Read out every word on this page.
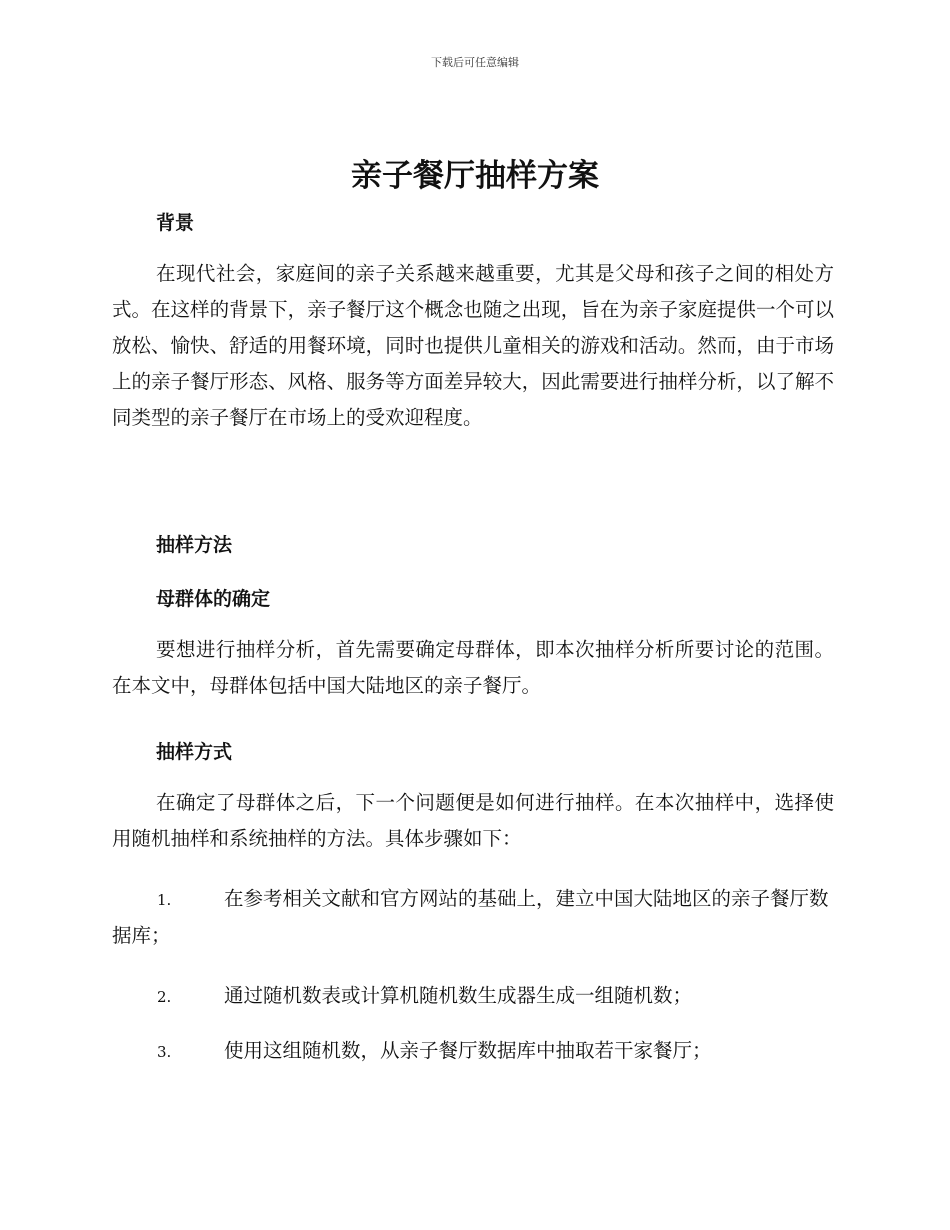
下载后可任意编辑
亲子餐厅抽样方案
背景

在现代社会，家庭间的亲子关系越来越重要，尤其是父母和孩子之间的相处方式。在这样的背景下，亲子餐厅这个概念也随之出现，旨在为亲子家庭提供一个可以放松、愉快、舒适的用餐环境，同时也提供儿童相关的游戏和活动。然而，由于市场上的亲子餐厅形态、风格、服务等方面差异较大，因此需要进行抽样分析，以了解不同类型的亲子餐厅在市场上的受欢迎程度。

抽样方法
母群体的确定

要想进行抽样分析，首先需要确定母群体，即本次抽样分析所要讨论的范围。在本文中，母群体包括中国大陆地区的亲子餐厅。

抽样方式

在确定了母群体之后，下一个问题便是如何进行抽样。在本次抽样中，选择使用随机抽样和系统抽样的方法。具体步骤如下：

1.	在参考相关文献和官方网站的基础上，建立中国大陆地区的亲子餐厅数据库；

2.	通过随机数表或计算机随机数生成器生成一组随机数；

3.	使用这组随机数，从亲子餐厅数据库中抽取若干家餐厅；
